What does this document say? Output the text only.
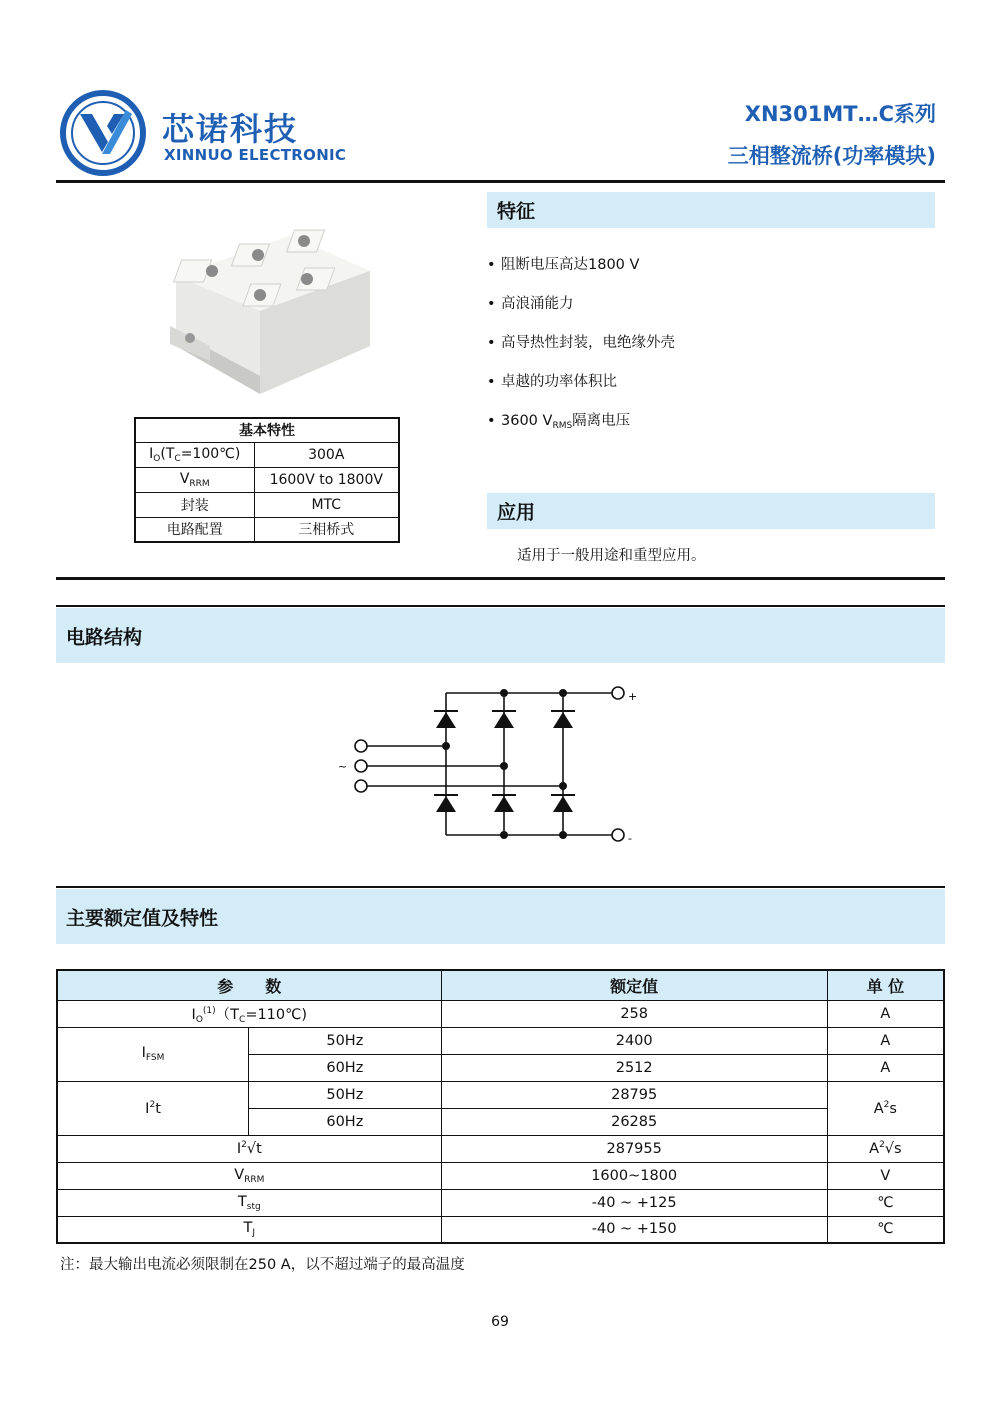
芯诺科技
XINNUO ELECTRONIC
XN301MT…C系列
三相整流桥(功率模块)
基本特性	
$I_O(T_C=100℃)$	300A
$V_{RRM}$	1600V to 1800V
封装	MTC
电路配置	三相桥式
特征
• 阻断电压高达1800 V
• 高浪涌能力
• 高导热性封装，电绝缘外壳
• 卓越的功率体积比
• 3600 $V_{RMS}$隔离电压
应用
适用于一般用途和重型应用。
电路结构
+
-
~
主要额定值及特性
参　　数		额定值	单 位
$I_O^{(1)}(T_C=110℃)$		258	A
$I_{FSM}$	50Hz	2400	A
	60Hz	2512	A
$I^2t$	50Hz	28795	$A^2s$
	60Hz	26285	
$I^2√t$		287955	$A^2√s$
$V_{RRM}$		1600~1800	V
$T_{stg}$		-40 ~ +125	℃
$T_J$		-40 ~ +150	℃
注：最大输出电流必须限制在250 A，以不超过端子的最高温度
69
